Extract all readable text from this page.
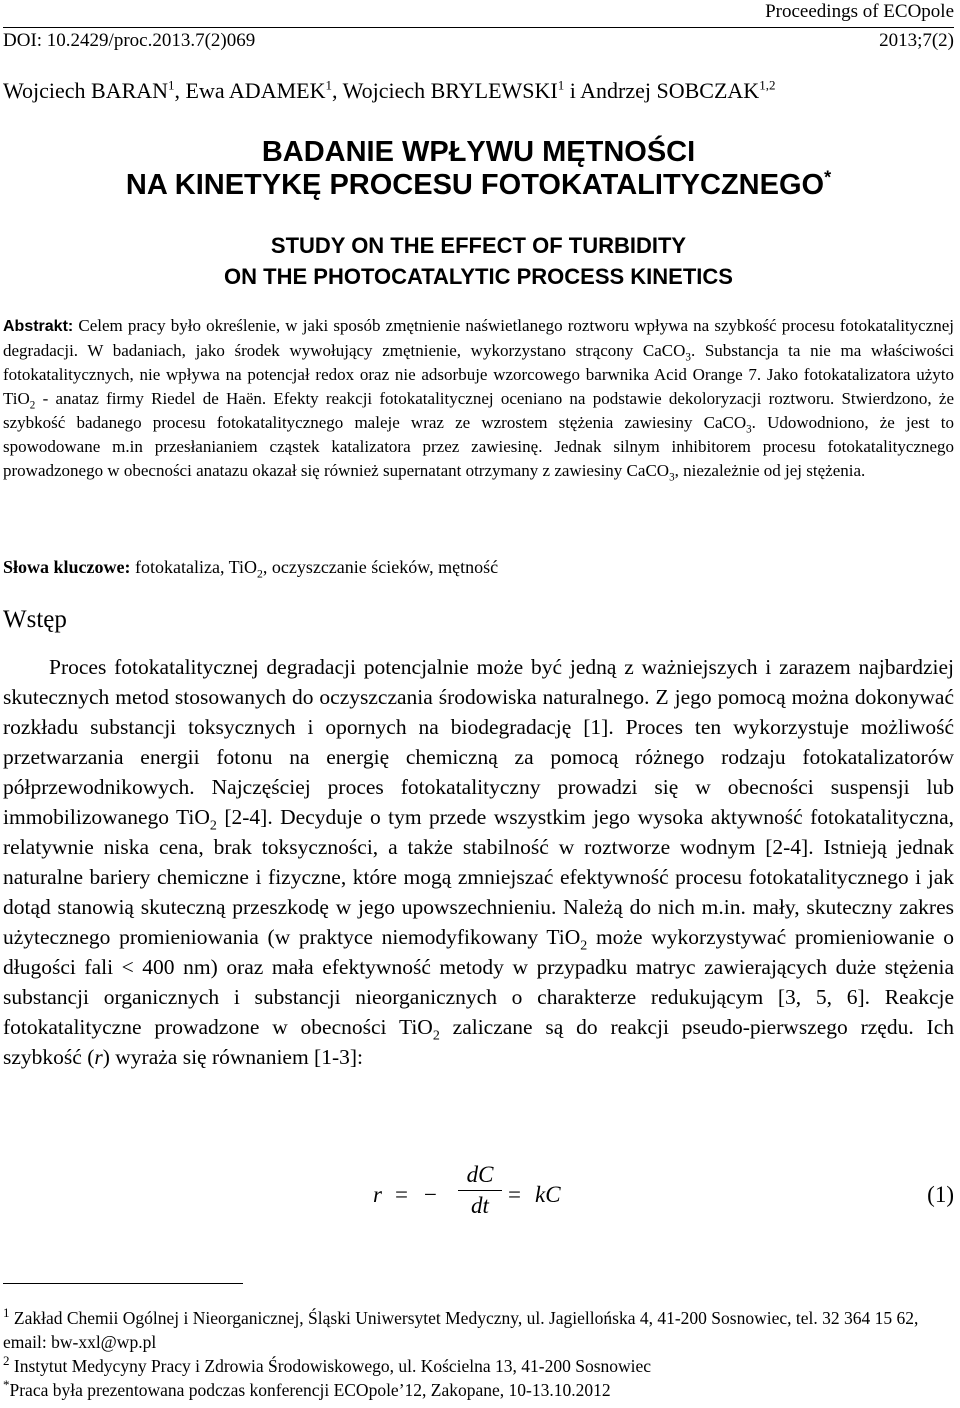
Proceedings of ECOpole
DOI: 10.2429/proc.2013.7(2)069	2013;7(2)
Wojciech BARAN$^1$, Ewa ADAMEK$^1$, Wojciech BRYLEWSKI$^1$ i Andrzej SOBCZAK$^{1,2}$
BADANIE WPŁYWU MĘTNOŚCI
NA KINETYKĘ PROCESU FOTOKATALITYCZNEGO*
STUDY ON THE EFFECT OF TURBIDITY
ON THE PHOTOCATALYTIC PROCESS KINETICS
Abstrakt: Celem pracy było określenie, w jaki sposób zmętnienie naświetlanego roztworu wpływa na szybkość procesu fotokatalitycznej degradacji. W badaniach, jako środek wywołujący zmętnienie, wykorzystano strącony CaCO$_3$. Substancja ta nie ma właściwości fotokatalitycznych, nie wpływa na potencjał redox oraz nie adsorbuje wzorcowego barwnika Acid Orange 7. Jako fotokatalizatora użyto TiO$_2$ - anataz firmy Riedel de Haën. Efekty reakcji fotokatalitycznej oceniano na podstawie dekoloryzacji roztworu. Stwierdzono, że szybkość badanego procesu fotokatalitycznego maleje wraz ze wzrostem stężenia zawiesiny CaCO$_3$. Udowodniono, że jest to spowodowane m.in przesłanianiem cząstek katalizatora przez zawiesinę. Jednak silnym inhibitorem procesu fotokatalitycznego prowadzonego w obecności anatazu okazał się również supernatant otrzymany z zawiesiny CaCO$_3$, niezależnie od jej stężenia.
Słowa kluczowe: fotokataliza, TiO$_2$, oczyszczanie ścieków, mętność
Wstęp
Proces fotokatalitycznej degradacji potencjalnie może być jedną z ważniejszych i zarazem najbardziej skutecznych metod stosowanych do oczyszczania środowiska naturalnego. Z jego pomocą można dokonywać rozkładu substancji toksycznych i opornych na biodegradację [1]. Proces ten wykorzystuje możliwość przetwarzania energii fotonu na energię chemiczną za pomocą różnego rodzaju fotokatalizatorów półprzewodnikowych. Najczęściej proces fotokatalityczny prowadzi się w obecności suspensji lub immobilizowanego TiO$_2$ [2-4]. Decyduje o tym przede wszystkim jego wysoka aktywność fotokatalityczna, relatywnie niska cena, brak toksyczności, a także stabilność w roztworze wodnym [2-4]. Istnieją jednak naturalne bariery chemiczne i fizyczne, które mogą zmniejszać efektywność procesu fotokatalitycznego i jak dotąd stanowią skuteczną przeszkodę w jego upowszechnieniu. Należą do nich m.in. mały, skuteczny zakres użytecznego promieniowania (w praktyce niemodyfikowany TiO$_2$ może wykorzystywać promieniowanie o długości fali < 400 nm) oraz mała efektywność metody w przypadku matryc zawierających duże stężenia substancji organicznych i substancji nieorganicznych o charakterze redukującym [3, 5, 6]. Reakcje fotokatalityczne prowadzone w obecności TiO$_2$ zaliczane są do reakcji pseudo-pierwszego rzędu. Ich szybkość (r) wyraża się równaniem [1-3]:
r = − $\frac{dC}{dt}$ = kC	(1)
$^1$ Zakład Chemii Ogólnej i Nieorganicznej, Śląski Uniwersytet Medyczny, ul. Jagiellońska 4, 41-200 Sosnowiec, tel. 32 364 15 62, email: bw-xxl@wp.pl
$^2$ Instytut Medycyny Pracy i Zdrowia Środowiskowego, ul. Kościelna 13, 41-200 Sosnowiec
*Praca była prezentowana podczas konferencji ECOpole’12, Zakopane, 10-13.10.2012
